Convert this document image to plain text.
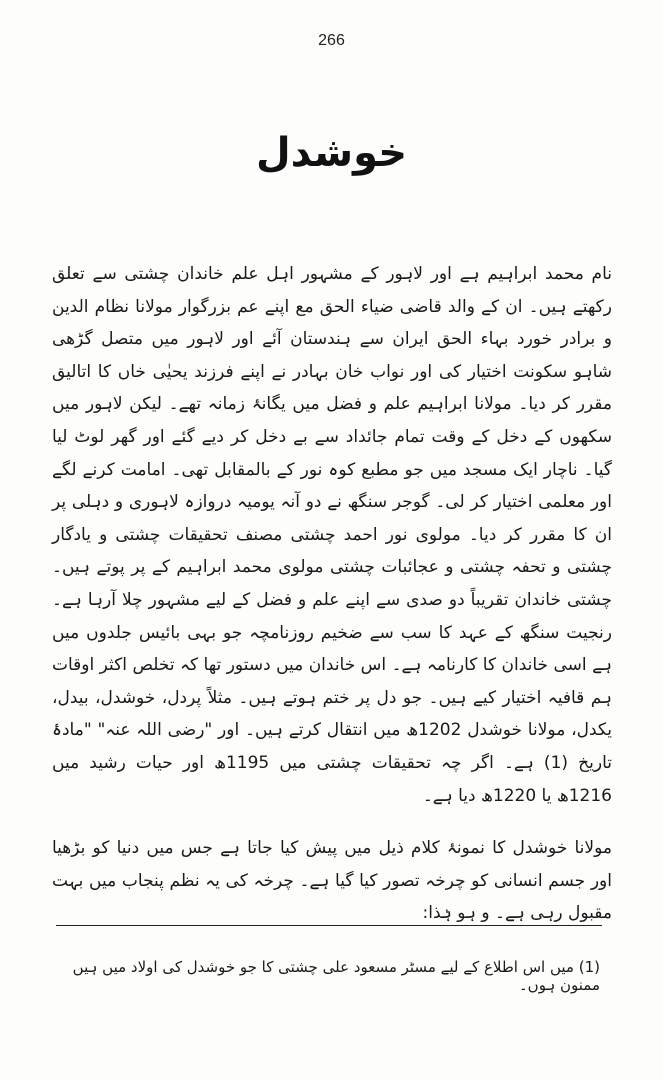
266
خوشدل

نام محمد ابراہیم ہے اور لاہور کے مشہور اہل علم خاندان چشتی سے تعلق رکھتے ہیں۔ ان کے والد قاضی ضیاء الحق مع اپنے عم بزرگوار مولانا نظام الدین و برادر خورد بہاء الحق ایران سے ہندستان آئے اور لاہور میں متصل گڑھی شاہو سکونت اختیار کی اور نواب خان بہادر نے اپنے فرزند یحیٰی خاں کا اتالیق مقرر کر دیا۔ مولانا ابراہیم علم و فضل میں یگانۂ زمانہ تھے۔ لیکن لاہور میں سکھوں کے دخل کے وقت تمام جائداد سے بے دخل کر دیے گئے اور گھر لوٹ لیا گیا۔ ناچار ایک مسجد میں جو مطبع کوہ نور کے بالمقابل تھی۔ امامت کرنے لگے اور معلمی اختیار کر لی۔ گوجر سنگھ نے دو آنہ یومیہ دروازہ لاہوری و دہلی پر ان کا مقرر کر دیا۔ مولوی نور احمد چشتی مصنف تحقیقات چشتی و یادگار چشتی و تحفہ چشتی و عجائبات چشتی مولوی محمد ابراہیم کے پر پوتے ہیں۔ چشتی خاندان تقریباً دو صدی سے اپنے علم و فضل کے لیے مشہور چلا آرہا ہے۔ رنجیت سنگھ کے عہد کا سب سے ضخیم روزنامچہ جو بہی بائیس جلدوں میں ہے اسی خاندان کا کارنامہ ہے۔ اس خاندان میں دستور تھا کہ تخلص اکثر اوقات ہم قافیہ اختیار کیے ہیں۔ جو دل پر ختم ہوتے ہیں۔ مثلاً پردل، خوشدل، بیدل، یکدل، مولانا خوشدل 1202ھ میں انتقال کرتے ہیں۔ اور "رضی اللہ عنہ" "مادۂ تاریخ (1) ہے۔ اگر چہ تحقیقات چشتی میں 1195ھ اور حیات رشید میں 1216ھ یا 1220ھ دیا ہے۔

مولانا خوشدل کا نمونۂ کلام ذیل میں پیش کیا جاتا ہے جس میں دنیا کو بڑھیا اور جسم انسانی کو چرخہ تصور کیا گیا ہے۔ چرخہ کی یہ نظم پنجاب میں بہت مقبول رہی ہے۔ و ہو ہٰذا:

(1) میں اس اطلاع کے لیے مسٹر مسعود علی چشتی کا جو خوشدل کی اولاد میں ہیں ممنون ہوں۔
